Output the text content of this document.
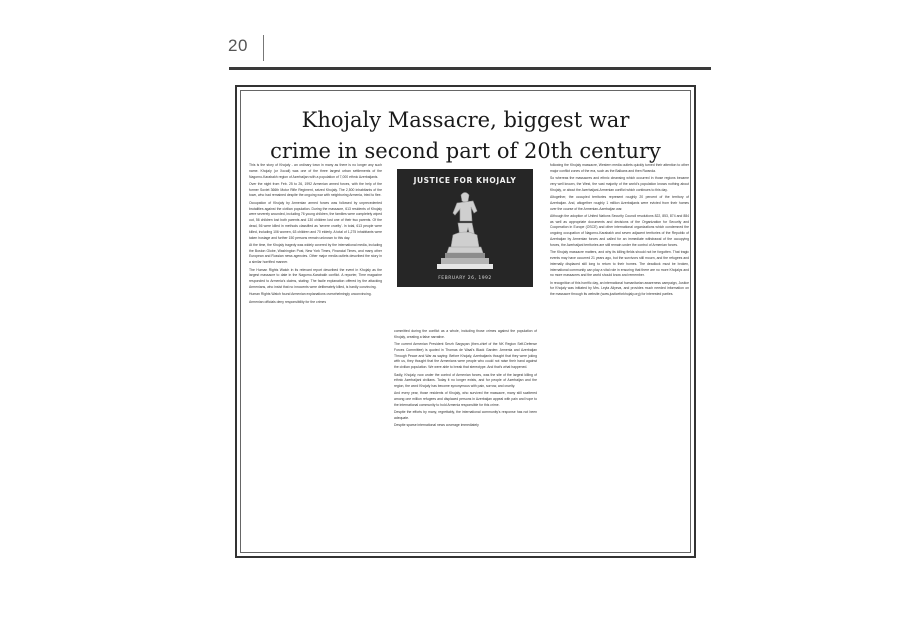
20
Khojaly Massacre, biggest war
crime in second part of 20th century

This is the story of Khojaly - an ordinary town in many as there is no longer any such name. Khojaly (or Xocali) was one of the three largest urban settlements of the Nagorno-Karabakh region of Azerbaijan with a population of 7,000 ethnic Azerbaijanis.

Over the night from Feb. 25 to 26, 1992 Armenian armed forces, with the help of the former Soviet 366th Motor Rifle Regiment, seized Khojaly. The 2,500 inhabitants of the town, who had remained despite the ongoing war with neighboring Armenia, tried to flee.

Occupation of Khojaly by Armenian armed forces was followed by unprecedented brutalities against the civilian population. During the massacre, 613 residents of Khojaly were severely wounded, including 76 young children, the families were completely wiped out, 56 children lost both parents and 130 children lost one of their two parents. Of the dead, 56 were killed in methods classified as 'severe cruelty'. In total, 613 people were killed, including 106 women, 63 children and 70 elderly. A total of 1,275 inhabitants were taken hostage and further 150 persons remain unknown to this day.

At the time, the Khojaly tragedy was widely covered by the international media, including the Boston Globe, Washington Post, New York Times, Financial Times, and many other European and Russian news agencies. Other major media outlets described the story in a similar horrified manner.

The Human Rights Watch in its relevant report described the event in Khojaly as the largest massacre to date in the Nagorno-Karabakh conflict. A reporter, Time magazine responded to Armenia's claims, stating: The facile explanation offered by the attacking Armenians, who insist that no innocents were deliberately killed, is hardly convincing.

Human Rights Watch found Armenian explanations overwhelmingly unconvincing.

Armenian officials deny responsibility for the crimes

JUSTICE FOR KHOJALY
FEBRUARY 26, 1992

committed during the conflict as a whole, including those crimes against the population of Khojaly, creating a false narrative.

The current Armenian President Serzh Sargsyan (then-chief of the NK Region Self-Defense Forces Committee) is quoted in Thomas de Waal's Black Garden: Armenia and Azerbaijan Through Peace and War as saying: Before Khojaly, Azerbaijanis thought that they were joking with us, they thought that the Armenians were people who could not raise their hand against the civilian population. We were able to break that stereotype. And that's what happened.

Sadly, Khojaly, now under the control of Armenian forces, was the site of the largest killing of ethnic Azerbaijani civilians. Today it no longer exists, and for people of Azerbaijan and the region, the word Khojaly has become synonymous with pain, sorrow, and cruelty.

And every year, those residents of Khojaly, who survived the massacre, many still scattered among one million refugees and displaced persons in Azerbaijan appeal with pain and hope to the international community to hold Armenia responsible for this crime.

Despite the efforts by many, regrettably, the international community's response has not been adequate.

Despite sparse international news coverage immediately

following the Khojaly massacre, Western media outlets quickly turned their attention to other major conflict zones of the era, such as the Balkans and then Rwanda.

So whereas the massacres and ethnic cleansing which occurred in those regions became very well known, the West, the vast majority of the world's population knows nothing about Khojaly, or about the Azerbaijani-Armenian conflict which continues to this day.

Altogether, the occupied territories represent roughly 20 percent of the territory of Azerbaijan. And, altogether roughly 1 million Azerbaijanis were evicted from their homes over the course of the Armenian-Azerbaijan war.

Although the adoption of United Nations Security Council resolutions 822, 853, 874 and 884 as well as appropriate documents and decisions of the Organization for Security and Cooperation in Europe (OSCE) and other international organizations which condemned the ongoing occupation of Nagorno-Karabakh and seven adjacent territories of the Republic of Azerbaijan by Armenian forces and called for an immediate withdrawal of the occupying forces, the Azerbaijani territories are still remain under the control of Armenian forces.

The Khojaly massacre matters, and why its killing fields should not be forgotten. That tragic events may have occurred 21 years ago, but the survivors still mourn, and the refugees and internally displaced still long to return to their homes. The deadlock must be broken, international community can play a vital role in ensuring that there are no more Khojalys and no more massacres and the world should know and remember.

In recognition of this horrific day, an international humanitarian awareness campaign, Justice for Khojaly was initiated by Mrs. Leyla Aliyeva, and provides much needed information on the massacre through its website (www.justiceforkhojaly.org) for interested parties.
